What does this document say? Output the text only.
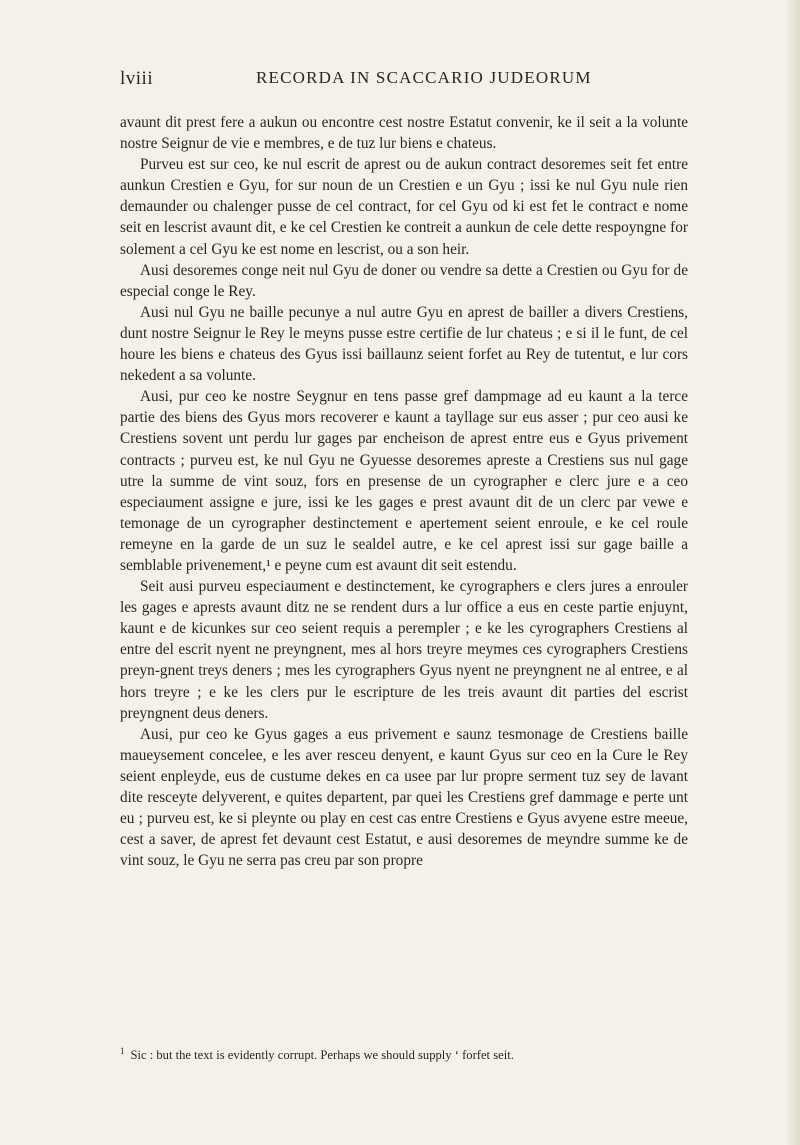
lviii	RECORDA IN SCACCARIO JUDEORUM

avaunt dit prest fere a aukun ou encontre cest nostre Estatut convenir, ke il seit a la volunte nostre Seignur de vie e membres, e de tuz lur biens e chateus.

Purveu est sur ceo, ke nul escrit de aprest ou de aukun contract desoremes seit fet entre aunkun Crestien e Gyu, for sur noun de un Crestien e un Gyu ; issi ke nul Gyu nule rien demaunder ou chalenger pusse de cel contract, for cel Gyu od ki est fet le contract e nome seit en lescrist avaunt dit, e ke cel Crestien ke contreit a aunkun de cele dette respoyngne for solement a cel Gyu ke est nome en lescrist, ou a son heir.

Ausi desoremes conge neit nul Gyu de doner ou vendre sa dette a Crestien ou Gyu for de especial conge le Rey.

Ausi nul Gyu ne baille pecunye a nul autre Gyu en aprest de bailler a divers Crestiens, dunt nostre Seignur le Rey le meyns pusse estre certifie de lur chateus ; e si il le funt, de cel houre les biens e chateus des Gyus issi baillaunz seient forfet au Rey de tutentut, e lur cors nekedent a sa volunte.

Ausi, pur ceo ke nostre Seygnur en tens passe gref dampmage ad eu kaunt a la terce partie des biens des Gyus mors recoverer e kaunt a tayllage sur eus asser ; pur ceo ausi ke Crestiens sovent unt perdu lur gages par encheison de aprest entre eus e Gyus privement contracts ; purveu est, ke nul Gyu ne Gyuesse desoremes apreste a Crestiens sus nul gage utre la summe de vint souz, fors en presense de un cyrographer e clerc jure e a ceo especiaument assigne e jure, issi ke les gages e prest avaunt dit de un clerc par vewe e temonage de un cyrographer destinctement e apertement seient enroule, e ke cel roule remeyne en la garde de un suz le sealdel autre, e ke cel aprest issi sur gage baille a semblable privenement,¹ e peyne cum est avaunt dit seit estendu.

Seit ausi purveu especiaument e destinctement, ke cyrographers e clers jures a enrouler les gages e aprests avaunt ditz ne se rendent durs a lur office a eus en ceste partie enjuynt, kaunt e de kicunkes sur ceo seient requis a perempler ; e ke les cyrographers Crestiens al entre del escrit nyent ne preyngnent, mes al hors treyre meymes ces cyrographers Crestiens preyn-gnent treys deners ; mes les cyrographers Gyus nyent ne preyngnent ne al entree, e al hors treyre ; e ke les clers pur le escripture de les treis avaunt dit parties del escrist preyngnent deus deners.

Ausi, pur ceo ke Gyus gages a eus privement e saunz tesmonage de Crestiens baille maueysement concelee, e les aver resceu denyent, e kaunt Gyus sur ceo en la Cure le Rey seient enpleyde, eus de custume dekes en ca usee par lur propre serment tuz sey de lavant dite resceyte delyverent, e quites departent, par quei les Crestiens gref dammage e perte unt eu ; purveu est, ke si pleynte ou play en cest cas entre Crestiens e Gyus avyene estre meeue, cest a saver, de aprest fet devaunt cest Estatut, e ausi desoremes de meyndre summe ke de vint souz, le Gyu ne serra pas creu par son propre

$^1$ Sic : but the text is evidently corrupt. Perhaps we should supply ‘ forfet seit.
